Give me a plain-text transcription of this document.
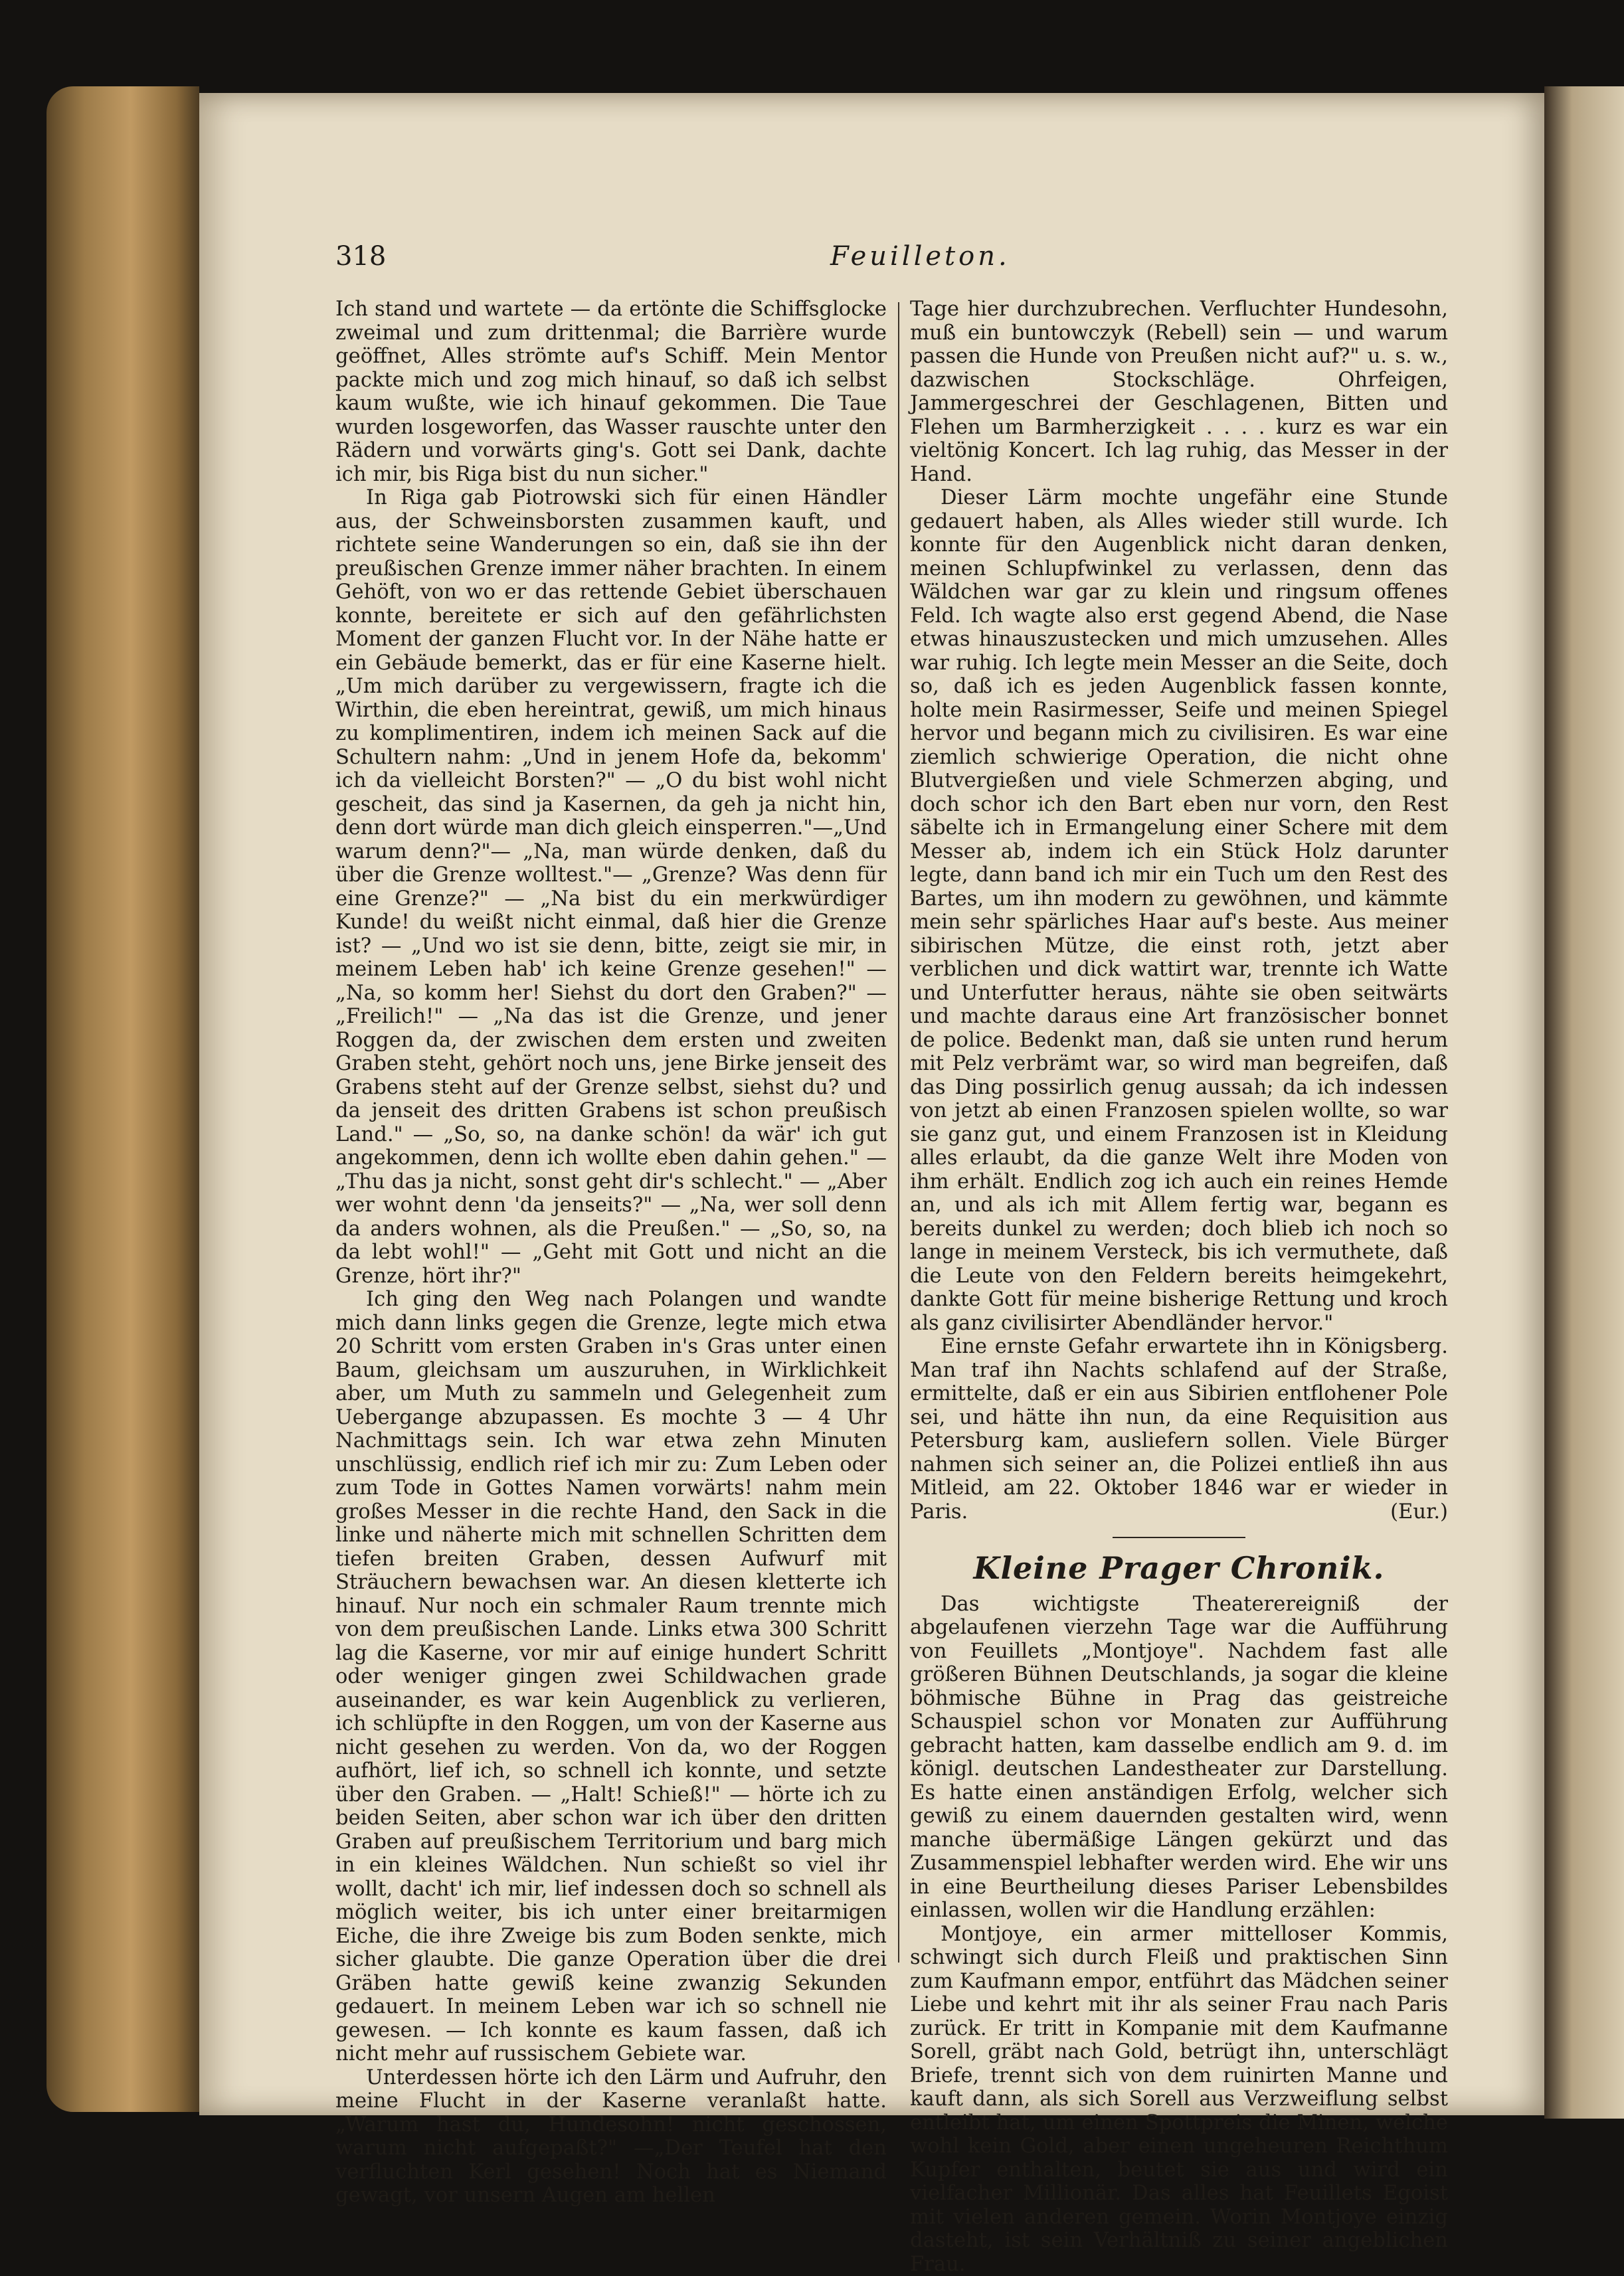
318	Feuilleton.

Ich stand und wartete — da ertönte die Schiffsglocke zweimal und zum drittenmal; die Barrière wurde geöffnet, Alles strömte auf's Schiff. Mein Mentor packte mich und zog mich hinauf, so daß ich selbst kaum wußte, wie ich hinauf gekommen. Die Taue wurden losgeworfen, das Wasser rauschte unter den Rädern und vorwärts ging's. Gott sei Dank, dachte ich mir, bis Riga bist du nun sicher."

In Riga gab Piotrowski sich für einen Händler aus, der Schweinsborsten zusammen kauft, und richtete seine Wanderungen so ein, daß sie ihn der preußischen Grenze immer näher brachten. In einem Gehöft, von wo er das rettende Gebiet überschauen konnte, bereitete er sich auf den gefährlichsten Moment der ganzen Flucht vor. In der Nähe hatte er ein Gebäude bemerkt, das er für eine Kaserne hielt. „Um mich darüber zu vergewissern, fragte ich die Wirthin, die eben hereintrat, gewiß, um mich hinaus zu komplimentiren, indem ich meinen Sack auf die Schultern nahm: „Und in jenem Hofe da, bekomm' ich da vielleicht Borsten?" — „O du bist wohl nicht gescheit, das sind ja Kasernen, da geh ja nicht hin, denn dort würde man dich gleich einsperren."—„Und warum denn?"— „Na, man würde denken, daß du über die Grenze wolltest."— „Grenze? Was denn für eine Grenze?" — „Na bist du ein merkwürdiger Kunde! du weißt nicht einmal, daß hier die Grenze ist? — „Und wo ist sie denn, bitte, zeigt sie mir, in meinem Leben hab' ich keine Grenze gesehen!" — „Na, so komm her! Siehst du dort den Graben?" — „Freilich!" — „Na das ist die Grenze, und jener Roggen da, der zwischen dem ersten und zweiten Graben steht, gehört noch uns, jene Birke jenseit des Grabens steht auf der Grenze selbst, siehst du? und da jenseit des dritten Grabens ist schon preußisch Land." — „So, so, na danke schön! da wär' ich gut angekommen, denn ich wollte eben dahin gehen." — „Thu das ja nicht, sonst geht dir's schlecht." — „Aber wer wohnt denn 'da jenseits?" — „Na, wer soll denn da anders wohnen, als die Preußen." — „So, so, na da lebt wohl!" — „Geht mit Gott und nicht an die Grenze, hört ihr?"

Ich ging den Weg nach Polangen und wandte mich dann links gegen die Grenze, legte mich etwa 20 Schritt vom ersten Graben in's Gras unter einen Baum, gleichsam um auszuruhen, in Wirklichkeit aber, um Muth zu sammeln und Gelegenheit zum Uebergange abzupassen. Es mochte 3 — 4 Uhr Nachmittags sein. Ich war etwa zehn Minuten unschlüssig, endlich rief ich mir zu: Zum Leben oder zum Tode in Gottes Namen vorwärts! nahm mein großes Messer in die rechte Hand, den Sack in die linke und näherte mich mit schnellen Schritten dem tiefen breiten Graben, dessen Aufwurf mit Sträuchern bewachsen war. An diesen kletterte ich hinauf. Nur noch ein schmaler Raum trennte mich von dem preußischen Lande. Links etwa 300 Schritt lag die Kaserne, vor mir auf einige hundert Schritt oder weniger gingen zwei Schildwachen grade auseinander, es war kein Augenblick zu verlieren, ich schlüpfte in den Roggen, um von der Kaserne aus nicht gesehen zu werden. Von da, wo der Roggen aufhört, lief ich, so schnell ich konnte, und setzte über den Graben. — „Halt! Schieß!" — hörte ich zu beiden Seiten, aber schon war ich über den dritten Graben auf preußischem Territorium und barg mich in ein kleines Wäldchen. Nun schießt so viel ihr wollt, dacht' ich mir, lief indessen doch so schnell als möglich weiter, bis ich unter einer breitarmigen Eiche, die ihre Zweige bis zum Boden senkte, mich sicher glaubte. Die ganze Operation über die drei Gräben hatte gewiß keine zwanzig Sekunden gedauert. In meinem Leben war ich so schnell nie gewesen. — Ich konnte es kaum fassen, daß ich nicht mehr auf russischem Gebiete war.

Unterdessen hörte ich den Lärm und Aufruhr, den meine Flucht in der Kaserne veranlaßt hatte. „Warum hast du, Hundesohn! nicht geschossen, warum nicht aufgepaßt?" —„Der Teufel hat den verfluchten Kerl gesehen! Noch hat es Niemand gewagt, vor unsern Augen am hellen

Tage hier durchzubrechen. Verfluchter Hundesohn, muß ein buntowczyk (Rebell) sein — und warum passen die Hunde von Preußen nicht auf?" u. s. w., dazwischen Stockschläge. Ohrfeigen, Jammergeschrei der Geschlagenen, Bitten und Flehen um Barmherzigkeit . . . . kurz es war ein vieltönig Koncert. Ich lag ruhig, das Messer in der Hand.

Dieser Lärm mochte ungefähr eine Stunde gedauert haben, als Alles wieder still wurde. Ich konnte für den Augenblick nicht daran denken, meinen Schlupfwinkel zu verlassen, denn das Wäldchen war gar zu klein und ringsum offenes Feld. Ich wagte also erst gegend Abend, die Nase etwas hinauszustecken und mich umzusehen. Alles war ruhig. Ich legte mein Messer an die Seite, doch so, daß ich es jeden Augenblick fassen konnte, holte mein Rasirmesser, Seife und meinen Spiegel hervor und begann mich zu civilisiren. Es war eine ziemlich schwierige Operation, die nicht ohne Blutvergießen und viele Schmerzen abging, und doch schor ich den Bart eben nur vorn, den Rest säbelte ich in Ermangelung einer Schere mit dem Messer ab, indem ich ein Stück Holz darunter legte, dann band ich mir ein Tuch um den Rest des Bartes, um ihn modern zu gewöhnen, und kämmte mein sehr spärliches Haar auf's beste. Aus meiner sibirischen Mütze, die einst roth, jetzt aber verblichen und dick wattirt war, trennte ich Watte und Unterfutter heraus, nähte sie oben seitwärts und machte daraus eine Art französischer bonnet de police. Bedenkt man, daß sie unten rund herum mit Pelz verbrämt war, so wird man begreifen, daß das Ding possirlich genug aussah; da ich indessen von jetzt ab einen Franzosen spielen wollte, so war sie ganz gut, und einem Franzosen ist in Kleidung alles erlaubt, da die ganze Welt ihre Moden von ihm erhält. Endlich zog ich auch ein reines Hemde an, und als ich mit Allem fertig war, begann es bereits dunkel zu werden; doch blieb ich noch so lange in meinem Versteck, bis ich vermuthete, daß die Leute von den Feldern bereits heimgekehrt, dankte Gott für meine bisherige Rettung und kroch als ganz civilisirter Abendländer hervor."

Eine ernste Gefahr erwartete ihn in Königsberg. Man traf ihn Nachts schlafend auf der Straße, ermittelte, daß er ein aus Sibirien entflohener Pole sei, und hätte ihn nun, da eine Requisition aus Petersburg kam, ausliefern sollen. Viele Bürger nahmen sich seiner an, die Polizei entließ ihn aus Mitleid, am 22. Oktober 1846 war er wieder in Paris.	(Eur.)

Kleine Prager Chronik.

Das wichtigste Theaterereigniß der abgelaufenen vierzehn Tage war die Aufführung von Feuillets „Montjoye". Nachdem fast alle größeren Bühnen Deutschlands, ja sogar die kleine böhmische Bühne in Prag das geistreiche Schauspiel schon vor Monaten zur Aufführung gebracht hatten, kam dasselbe endlich am 9. d. im königl. deutschen Landestheater zur Darstellung. Es hatte einen anständigen Erfolg, welcher sich gewiß zu einem dauernden gestalten wird, wenn manche übermäßige Längen gekürzt und das Zusammenspiel lebhafter werden wird. Ehe wir uns in eine Beurtheilung dieses Pariser Lebensbildes einlassen, wollen wir die Handlung erzählen:

Montjoye, ein armer mittelloser Kommis, schwingt sich durch Fleiß und praktischen Sinn zum Kaufmann empor, entführt das Mädchen seiner Liebe und kehrt mit ihr als seiner Frau nach Paris zurück. Er tritt in Kompanie mit dem Kaufmanne Sorell, gräbt nach Gold, betrügt ihn, unterschlägt Briefe, trennt sich von dem ruinirten Manne und kauft dann, als sich Sorell aus Verzweiflung selbst entleibt hat, um einen Spottpreis die Minen, welche wohl kein Gold, aber einen ungeheuren Reichthum Kupfer enthalten, beutet sie aus und wird ein vielfacher Millionär. Das alles hat Feuillets Egoist mit vielen anderen gemein. Worin Montjoye einzig dasteht, ist sein Verhältniß zu seiner angeblichen Frau.
